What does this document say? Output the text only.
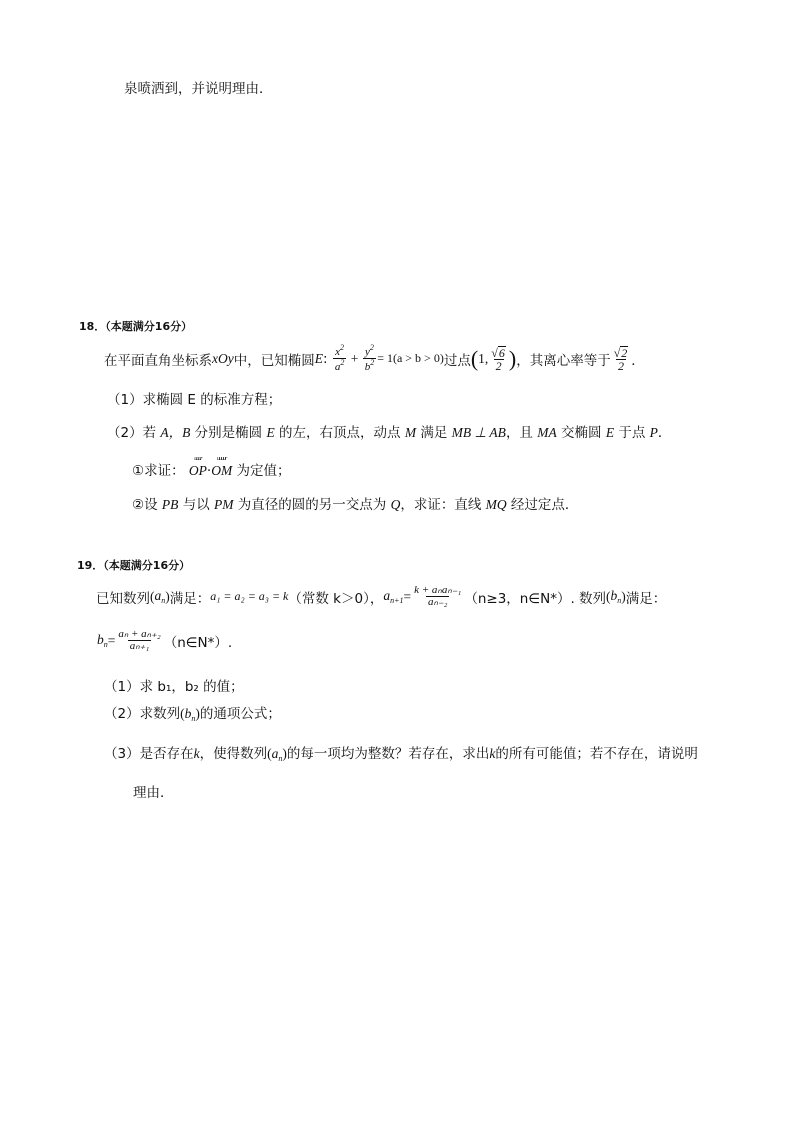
泉喷洒到，并说明理由．
18．（本题满分16分）
在平面直角坐标系 xOy 中，已知椭圆 E : $\frac{x^2}{a^2} + \frac{y^2}{b^2} = 1(a > b > 0)$ 过点 ( 1, $\frac{√6}{2}$ ) ，其离心率等于 $\frac{√2}{2}$ ．
（1）求椭圆 E 的标准方程；
（2）若 A，B 分别是椭圆 E 的左，右顶点，动点 M 满足 MB ⊥ AB，且 MA 交椭圆 E 于点 P．
①求证：
uuur
OP·
uuuur
OM 为定值；
②设 PB 与以 PM 为直径的圆的另一交点为 Q，求证：直线 MQ 经过定点．
19．（本题满分16分）
已知数列 ( $a_n$ ) 满足： a₁ = a₂ = a₃ = k （常数 k＞0）， $a_{n+1} = \frac{\text{k + aₙaₙ₋₁}}{\text{aₙ₋₂}} (n\ge 3$，n∈N*）. 数列 ( $b_n$ ) 满足：
$b_n = \frac{\text{aₙ + aₙ₊₂}}{\text{aₙ₊₁}}$ （n∈N*）.
（1）求 b₁，b₂ 的值；
（2）求数列$(b_n)$的通项公式；
（3）是否存在k，使得数列$(a_n)$的每一项均为整数？若存在，求出k的所有可能值；若不存在，请说明
理由．
